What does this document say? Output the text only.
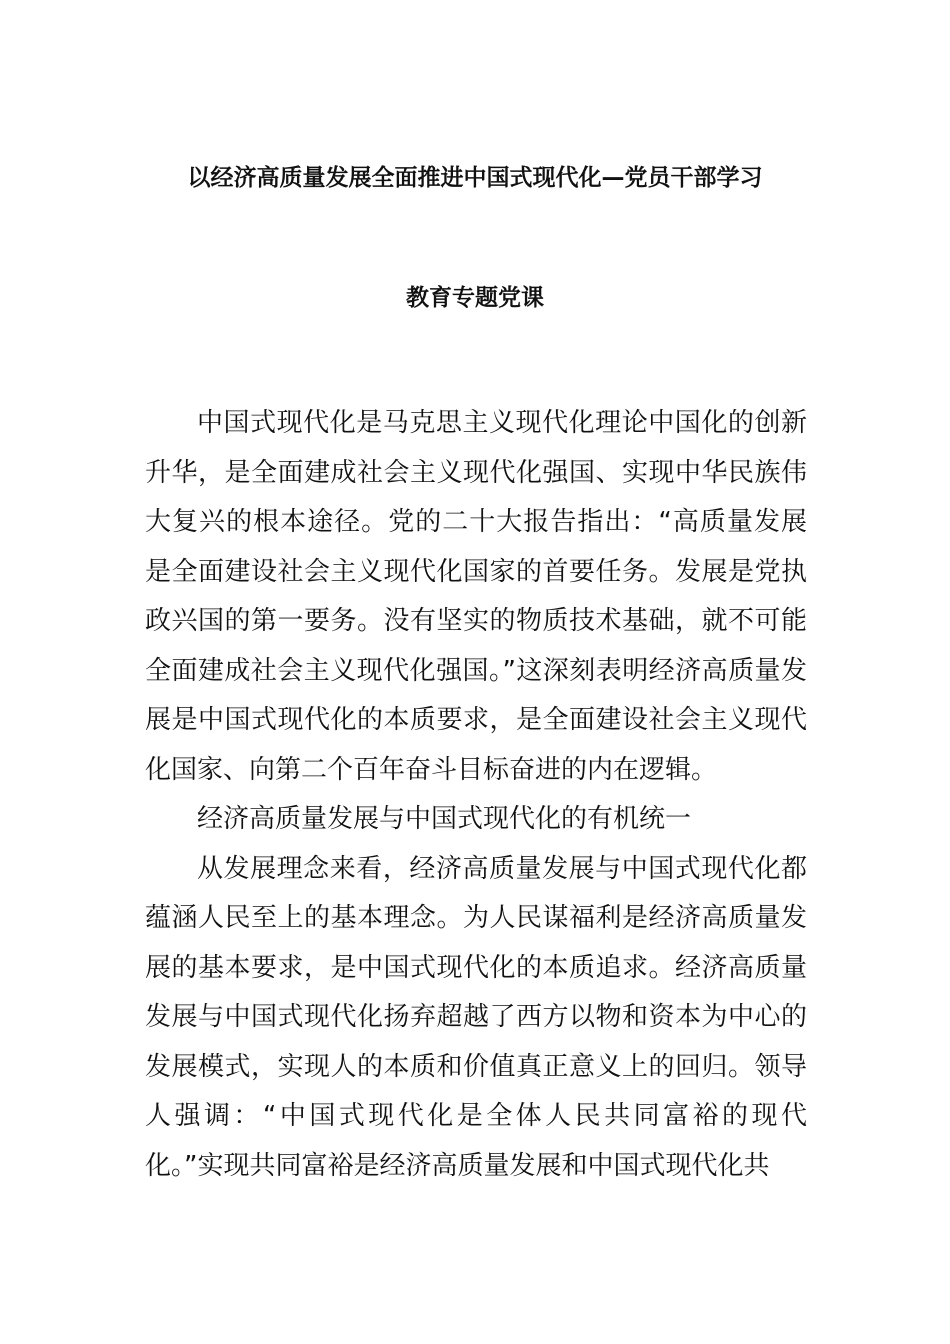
以经济高质量发展全面推进中国式现代化—党员干部学习
教育专题党课

中国式现代化是马克思主义现代化理论中国化的创新升华，是全面建成社会主义现代化强国、实现中华民族伟大复兴的根本途径。党的二十大报告指出：“高质量发展是全面建设社会主义现代化国家的首要任务。发展是党执政兴国的第一要务。没有坚实的物质技术基础，就不可能全面建成社会主义现代化强国。”这深刻表明经济高质量发展是中国式现代化的本质要求，是全面建设社会主义现代化国家、向第二个百年奋斗目标奋进的内在逻辑。

经济高质量发展与中国式现代化的有机统一

从发展理念来看，经济高质量发展与中国式现代化都蕴涵人民至上的基本理念。为人民谋福利是经济高质量发展的基本要求，是中国式现代化的本质追求。经济高质量发展与中国式现代化扬弃超越了西方以物和资本为中心的发展模式，实现人的本质和价值真正意义上的回归。领导人强调：“中国式现代化是全体人民共同富裕的现代化。”实现共同富裕是经济高质量发展和中国式现代化共
